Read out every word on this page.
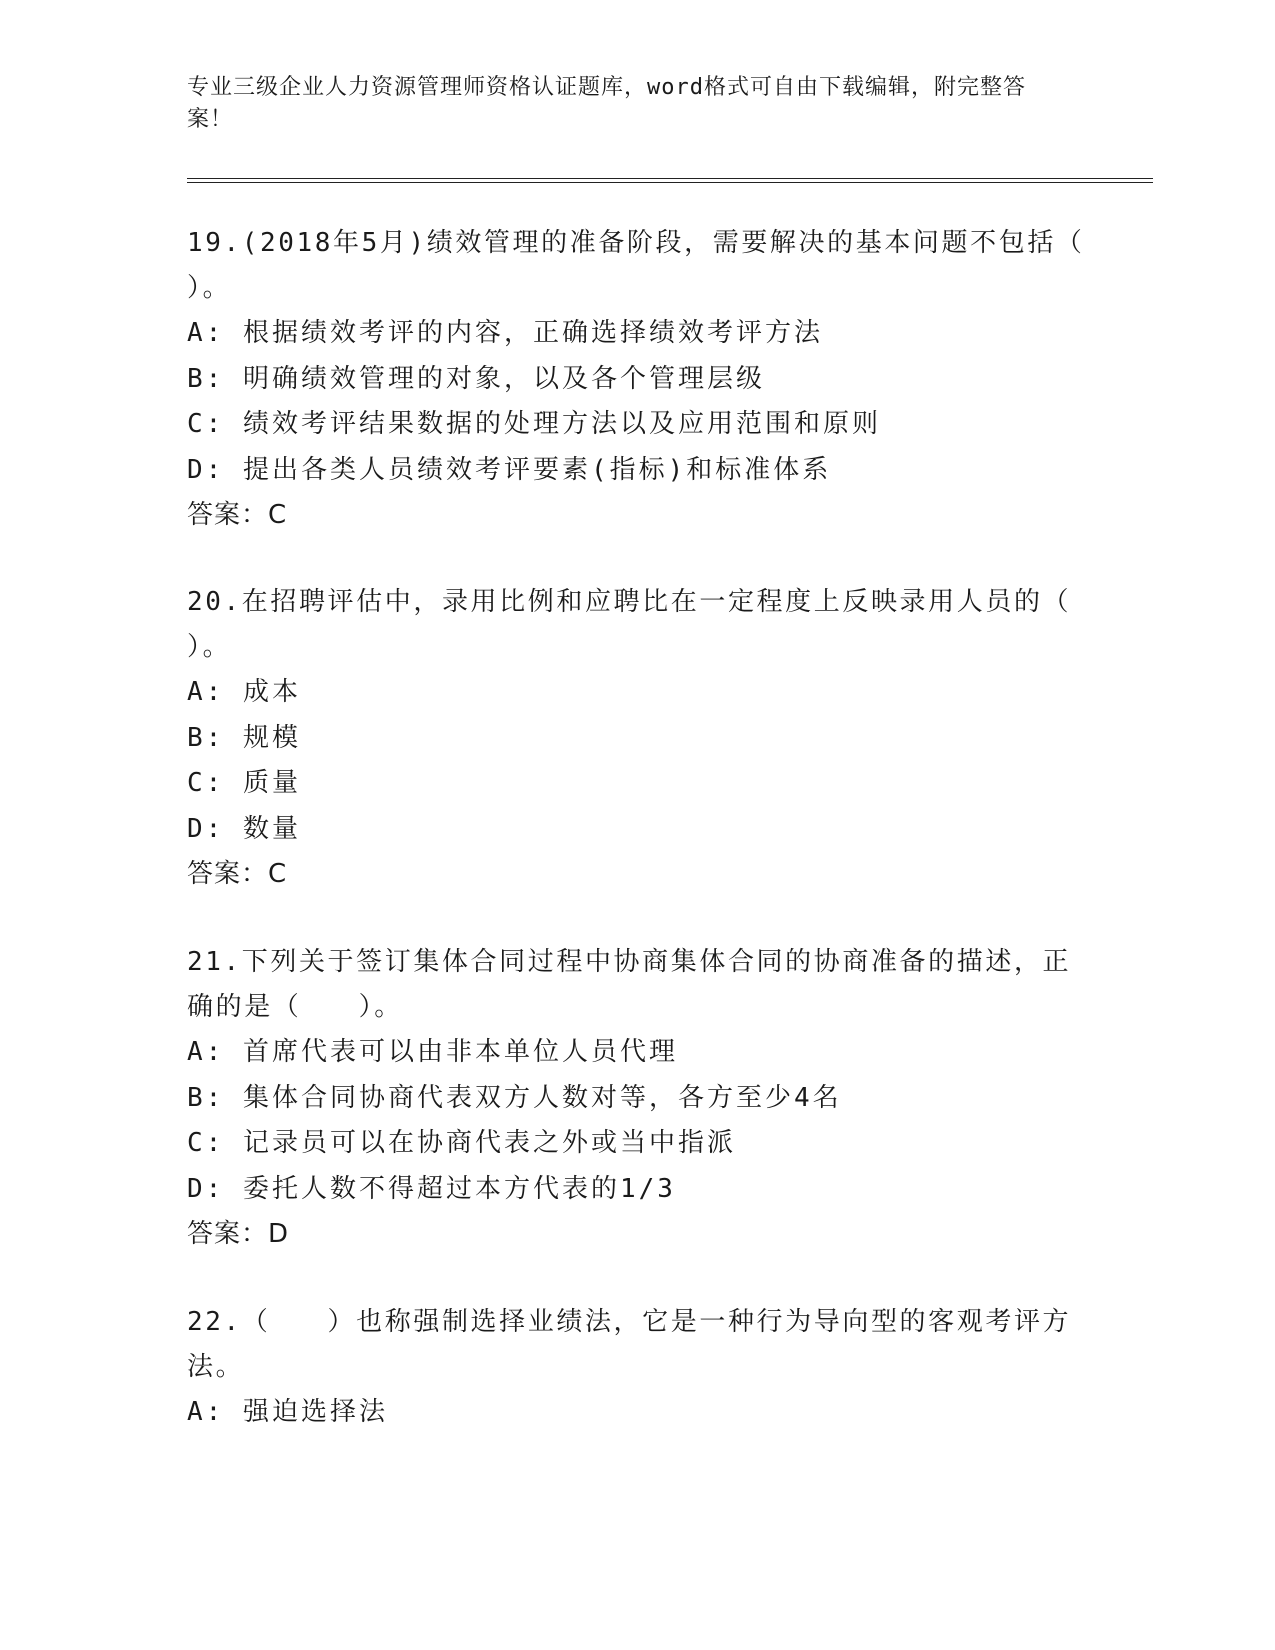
专业三级企业人力资源管理师资格认证题库，word格式可自由下载编辑，附完整答案！

19.(2018年5月)绩效管理的准备阶段，需要解决的基本问题不包括（ ）。

A: 根据绩效考评的内容，正确选择绩效考评方法
B: 明确绩效管理的对象，以及各个管理层级
C: 绩效考评结果数据的处理方法以及应用范围和原则
D: 提出各类人员绩效考评要素(指标)和标准体系
答案：C

20.在招聘评估中，录用比例和应聘比在一定程度上反映录用人员的（ ）。

A: 成本
B: 规模
C: 质量
D: 数量
答案：C

21.下列关于签订集体合同过程中协商集体合同的协商准备的描述，正确的是（　　）。

A: 首席代表可以由非本单位人员代理
B: 集体合同协商代表双方人数对等，各方至少4名
C: 记录员可以在协商代表之外或当中指派
D: 委托人数不得超过本方代表的1/3
答案：D

22.（　　）也称强制选择业绩法，它是一种行为导向型的客观考评方法。

A: 强迫选择法
